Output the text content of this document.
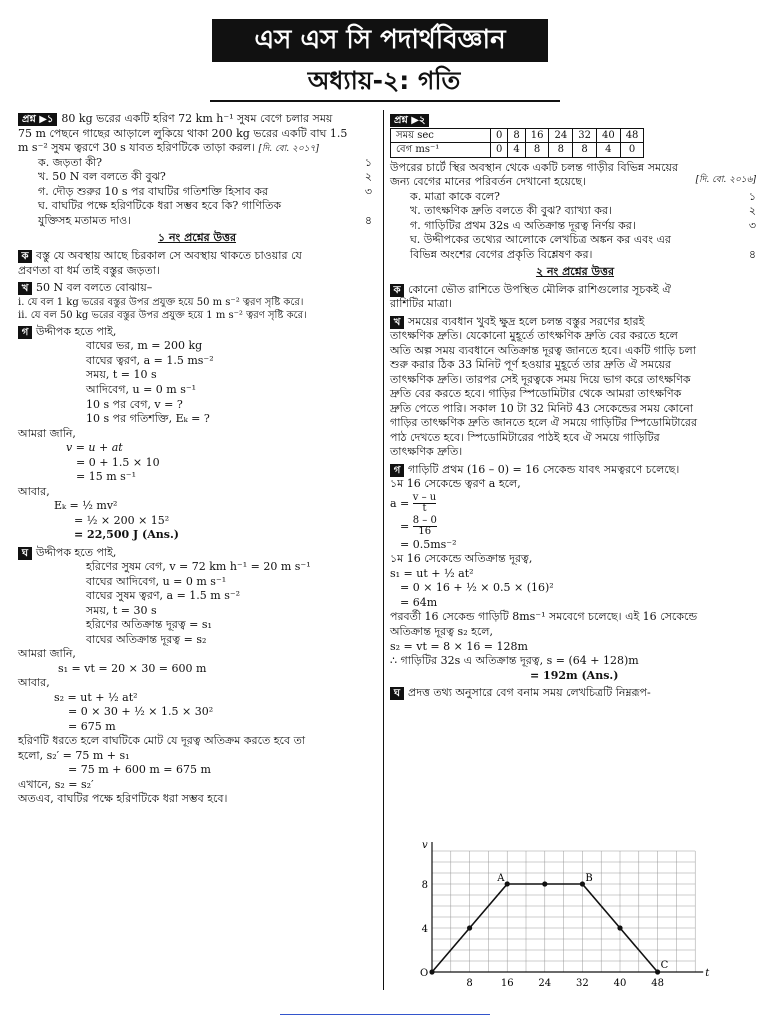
এস এস সি পদার্থবিজ্ঞান
অধ্যায়-২: গতি

প্রশ্ন ▶১ 80 kg ভরের একটি হরিণ 72 km h⁻¹ সুষম বেগে চলার সময়

75 m পেছনে গাছের আড়ালে লুকিয়ে থাকা 200 kg ভরের একটি বাঘ 1.5

m s⁻² সুষম ত্বরণে 30 s যাবত হরিণটিকে তাড়া করল। [দি. বো. ২০১৭]

ক. জড়তা কী?	১
খ. 50 N বল বলতে কী বুঝ?	২
গ. দৌড় শুরুর 10 s পর বাঘটির গতিশক্তি হিসাব কর	৩
ঘ. বাঘটির পক্ষে হরিণটিকে ধরা সম্ভব হবে কি? গাণিতিক
যুক্তিসহ মতামত দাও।	৪
১ নং প্রশ্নের উত্তর

ক বস্তু যে অবস্থায় আছে চিরকাল সে অবস্থায় থাকতে চাওয়ার যে

প্রবণতা বা ধর্ম তাই বস্তুর জড়তা।

খ 50 N বল বলতে বোঝায়–

i. যে বল 1 kg ভরের বস্তুর উপর প্রযুক্ত হয়ে 50 m s⁻² ত্বরণ সৃষ্টি করে।

ii. যে বল 50 kg ভরের বস্তুর উপর প্রযুক্ত হয়ে 1 m s⁻² ত্বরণ সৃষ্টি করে।

গ উদ্দীপক হতে পাই,

বাঘের ভর, m = 200 kg
বাঘের ত্বরণ, a = 1.5 ms⁻²
সময়, t = 10 s
আদিবেগ, u = 0 m s⁻¹
10 s পর বেগ, v = ?
10 s পর গতিশক্তি, Eₖ = ?

আমরা জানি,

v = u + at
= 0 + 1.5 × 10
= 15 m s⁻¹

আবার,

Eₖ = ½ mv²
= ½ × 200 × 15²
= 22,500 J (Ans.)

ঘ উদ্দীপক হতে পাই,

হরিণের সুষম বেগ, v = 72 km h⁻¹ = 20 m s⁻¹
বাঘের আদিবেগ, u = 0 m s⁻¹
বাঘের সুষম ত্বরণ, a = 1.5 m s⁻²
সময়, t = 30 s
হরিণের অতিক্রান্ত দূরত্ব = s₁
বাঘের অতিক্রান্ত দূরত্ব = s₂

আমরা জানি,

s₁ = vt = 20 × 30 = 600 m

আবার,

s₂ = ut + ½ at²
= 0 × 30 + ½ × 1.5 × 30²
= 675 m

হরিণটি ধরতে হলে বাঘটিকে মোট যে দূরত্ব অতিক্রম করতে হবে তা

হলো, s₂′ = 75 m + s₁

= 75 m + 600 m = 675 m

এখানে, s₂ = s₂′

অতএব, বাঘটির পক্ষে হরিণটিকে ধরা সম্ভব হবে।

প্রশ্ন ▶২
সময় sec	0	8	16	24	32	40	48
বেগ ms⁻¹	0	4	8	8	8	4	0

উপরের চার্টে স্থির অবস্থান থেকে একটি চলন্ত গাড়ীর বিভিন্ন সময়ের

জন্য বেগের মানের পরিবর্তন দেখানো হয়েছে।	[দি. বো. ২০১৬]

ক. মাত্রা কাকে বলে?	১
খ. তাৎক্ষণিক দ্রুতি বলতে কী বুঝ? ব্যাখ্যা কর।	২
গ. গাড়িটির প্রথম 32s এ অতিক্রান্ত দূরত্ব নির্ণয় কর।	৩
ঘ. উদ্দীপকের তথ্যের আলোকে লেখচিত্র অঙ্কন কর এবং এর
বিভিন্ন অংশের বেগের প্রকৃতি বিশ্লেষণ কর।	৪
২ নং প্রশ্নের উত্তর

ক কোনো ভৌত রাশিতে উপস্থিত মৌলিক রাশিগুলোর সূচকই ঐ

রাশিটির মাত্রা।

খ সময়ের ব্যবধান খুবই ক্ষুদ্র হলে চলন্ত বস্তুর সরণের হারই

তাৎক্ষণিক দ্রুতি। যেকোনো মুহূর্তে তাৎক্ষণিক দ্রুতি বের করতে হলে

অতি অল্প সময় ব্যবধানে অতিক্রান্ত দূরত্ব জানতে হবে। একটি গাড়ি চলা

শুরু করার ঠিক 33 মিনিট পূর্ণ হওয়ার মুহূর্তে তার দ্রুতি ঐ সময়ের

তাৎক্ষণিক দ্রুতি। তারপর সেই দূরত্বকে সময় দিয়ে ভাগ করে তাৎক্ষণিক

দ্রুতি বের করতে হবে। গাড়ির স্পিডোমিটার থেকে আমরা তাৎক্ষণিক

দ্রুতি পেতে পারি। সকাল 10 টা 32 মিনিট 43 সেকেন্ডের সময় কোনো

গাড়ির তাৎক্ষণিক দ্রুতি জানতে হলে ঐ সময়ে গাড়িটির স্পিডোমিটারের

পাঠ দেখতে হবে। স্পিডোমিটারের পাঠই হবে ঐ সময়ে গাড়িটির

তাৎক্ষণিক দ্রুতি।

গ গাড়িটি প্রথম (16 – 0) = 16 সেকেন্ড যাবৎ সমত্বরণে চলেছে।

১ম 16 সেকেন্ডে ত্বরণ a হলে,

$a = \frac{v - u}{t}$
= $\frac{8 - 0}{16}$

= 0.5ms⁻²

১ম 16 সেকেন্ডে অতিক্রান্ত দূরত্ব,

s₁ = ut + ½ at²

= 0 × 16 + ½ × 0.5 × (16)²

= 64m

পরবর্তী 16 সেকেন্ড গাড়িটি 8ms⁻¹ সমবেগে চলেছে। এই 16 সেকেন্ডে

অতিক্রান্ত দূরত্ব s₂ হলে,

s₂ = vt = 8 × 16 = 128m

∴ গাড়িটির 32s এ অতিক্রান্ত দূরত্ব, s = (64 + 128)m

= 192m (Ans.)

ঘ প্রদত্ত তথ্য অনুসারে বেগ বনাম সময় লেখচিত্রটি নিম্নরূপ-

t
v
O
8	16 24 32 40 48
4
8
A	B
C
